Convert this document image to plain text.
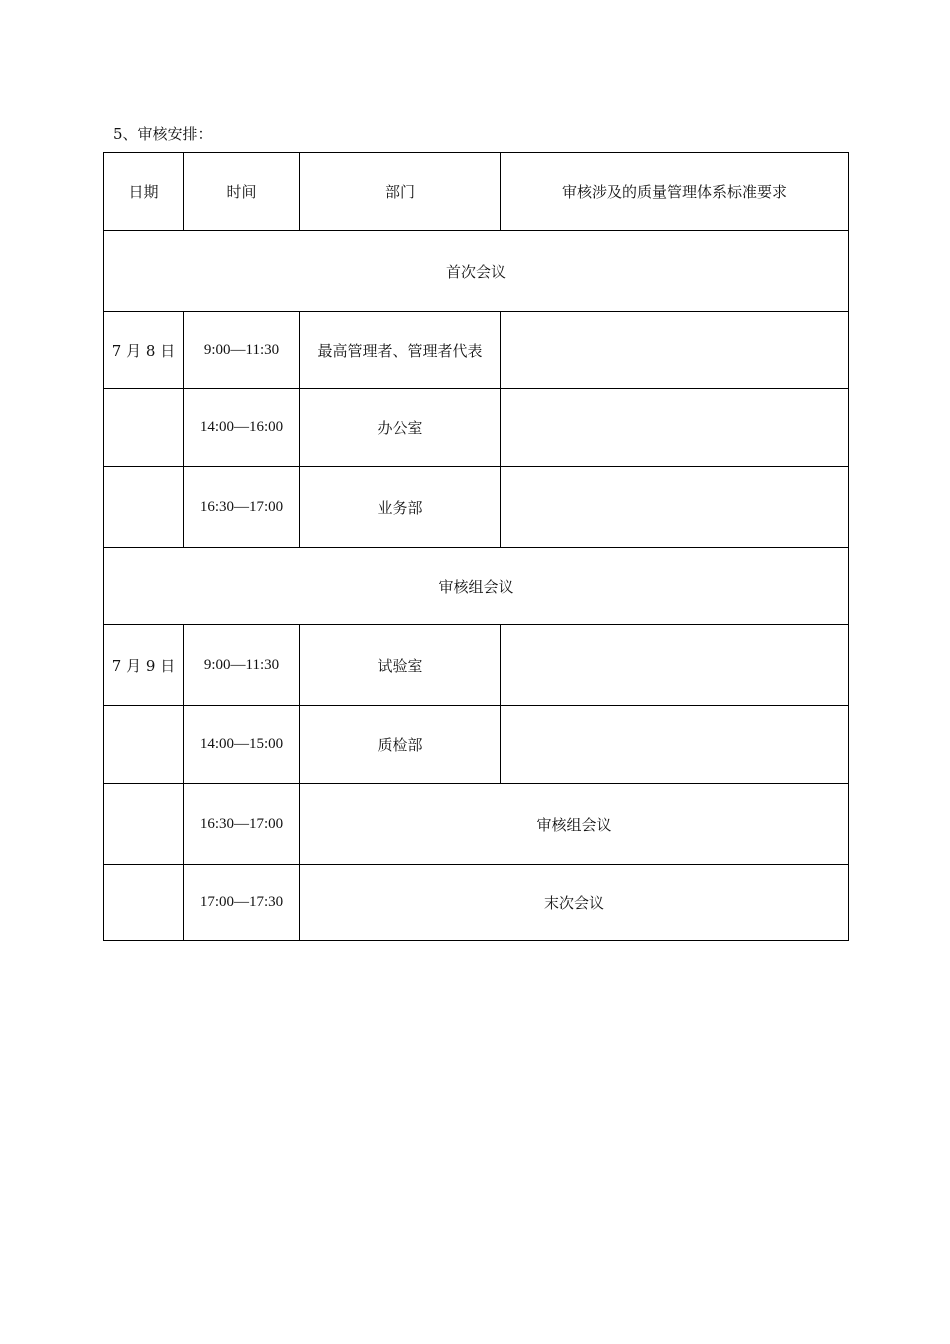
5、审核安排：
日期	时间	部门	审核涉及的质量管理体系标准要求
首次会议			
7 月 8 日	9:00—11:30	最高管理者、管理者代表	
	14:00—16:00	办公室	
	16:30—17:00	业务部	
审核组会议			
7 月 9 日	9:00—11:30	试验室	
	14:00—15:00	质检部	
	16:30—17:00	审核组会议	
	17:00—17:30	末次会议	
